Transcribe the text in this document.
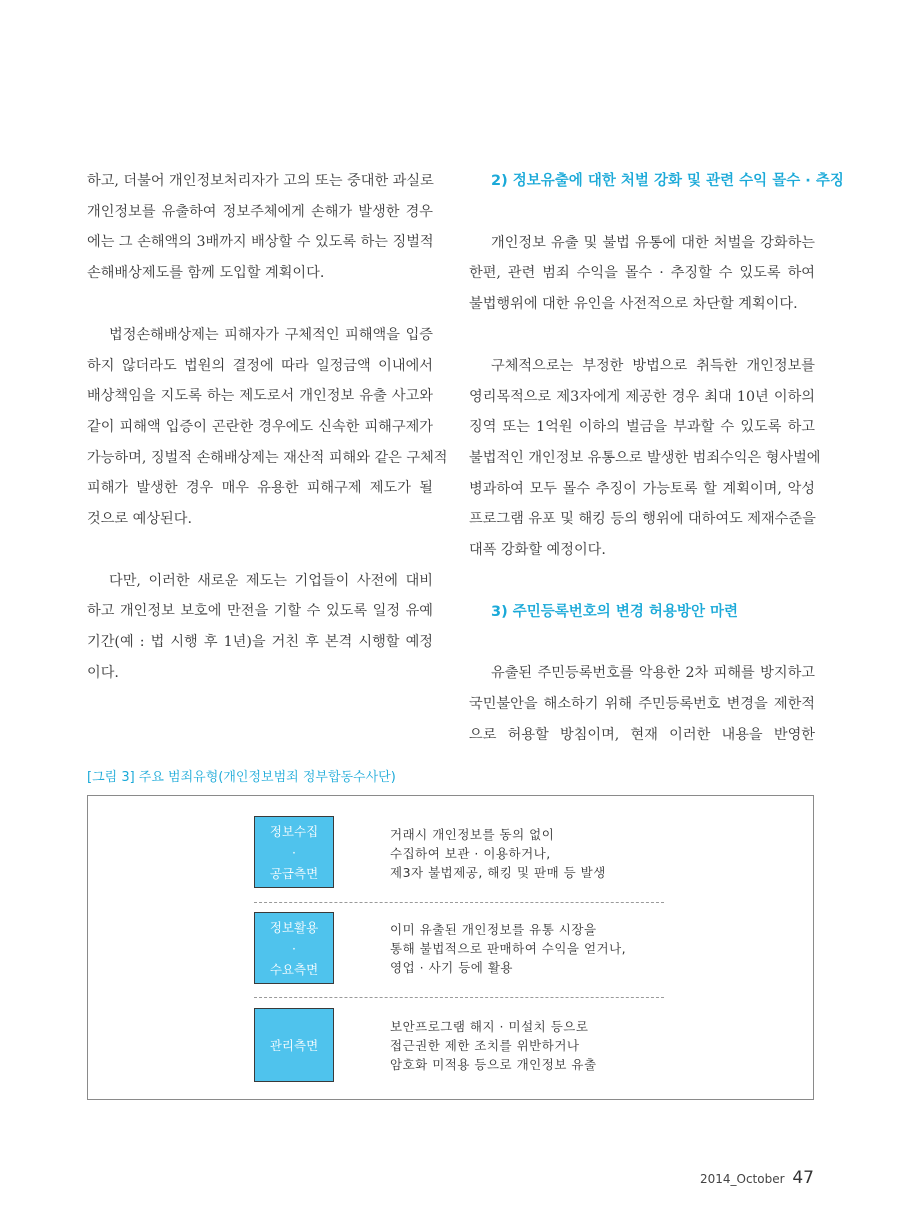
하고, 더불어 개인정보처리자가 고의 또는 중대한 과실로
개인정보를 유출하여 정보주체에게 손해가 발생한 경우
에는 그 손해액의 3배까지 배상할 수 있도록 하는 징벌적
손해배상제도를 함께 도입할 계획이다.
법정손해배상제는 피해자가 구체적인 피해액을 입증
하지 않더라도 법원의 결정에 따라 일정금액 이내에서
배상책임을 지도록 하는 제도로서 개인정보 유출 사고와
같이 피해액 입증이 곤란한 경우에도 신속한 피해구제가
가능하며, 징벌적 손해배상제는 재산적 피해와 같은 구체적
피해가 발생한 경우 매우 유용한 피해구제 제도가 될
것으로 예상된다.
다만, 이러한 새로운 제도는 기업들이 사전에 대비
하고 개인정보 보호에 만전을 기할 수 있도록 일정 유예
기간(예 : 법 시행 후 1년)을 거친 후 본격 시행할 예정
이다.

2) 정보유출에 대한 처벌 강화 및 관련 수익 몰수 · 추징

개인정보 유출 및 불법 유통에 대한 처벌을 강화하는
한편, 관련 범죄 수익을 몰수 · 추징할 수 있도록 하여
불법행위에 대한 유인을 사전적으로 차단할 계획이다.
구체적으로는 부정한 방법으로 취득한 개인정보를
영리목적으로 제3자에게 제공한 경우 최대 10년 이하의
징역 또는 1억원 이하의 벌금을 부과할 수 있도록 하고
불법적인 개인정보 유통으로 발생한 범죄수익은 형사벌에
병과하여 모두 몰수 추징이 가능토록 할 계획이며, 악성
프로그램 유포 및 해킹 등의 행위에 대하여도 제재수준을
대폭 강화할 예정이다.

3) 주민등록번호의 변경 허용방안 마련

유출된 주민등록번호를 악용한 2차 피해를 방지하고
국민불안을 해소하기 위해 주민등록번호 변경을 제한적
으로 허용할 방침이며, 현재 이러한 내용을 반영한
[그림 3] 주요 범죄유형(개인정보범죄 정부합동수사단)
정보수집
·
공급측면
거래시 개인정보를 동의 없이
수집하여 보관 · 이용하거나,
제3자 불법제공, 해킹 및 판매 등 발생
정보활용
·
수요측면
이미 유출된 개인정보를 유통 시장을
통해 불법적으로 판매하여 수익을 얻거나,
영업 · 사기 등에 활용
관리측면
보안프로그램 해지 · 미설치 등으로
접근권한 제한 조치를 위반하거나
암호화 미적용 등으로 개인정보 유출
2014_October 47
